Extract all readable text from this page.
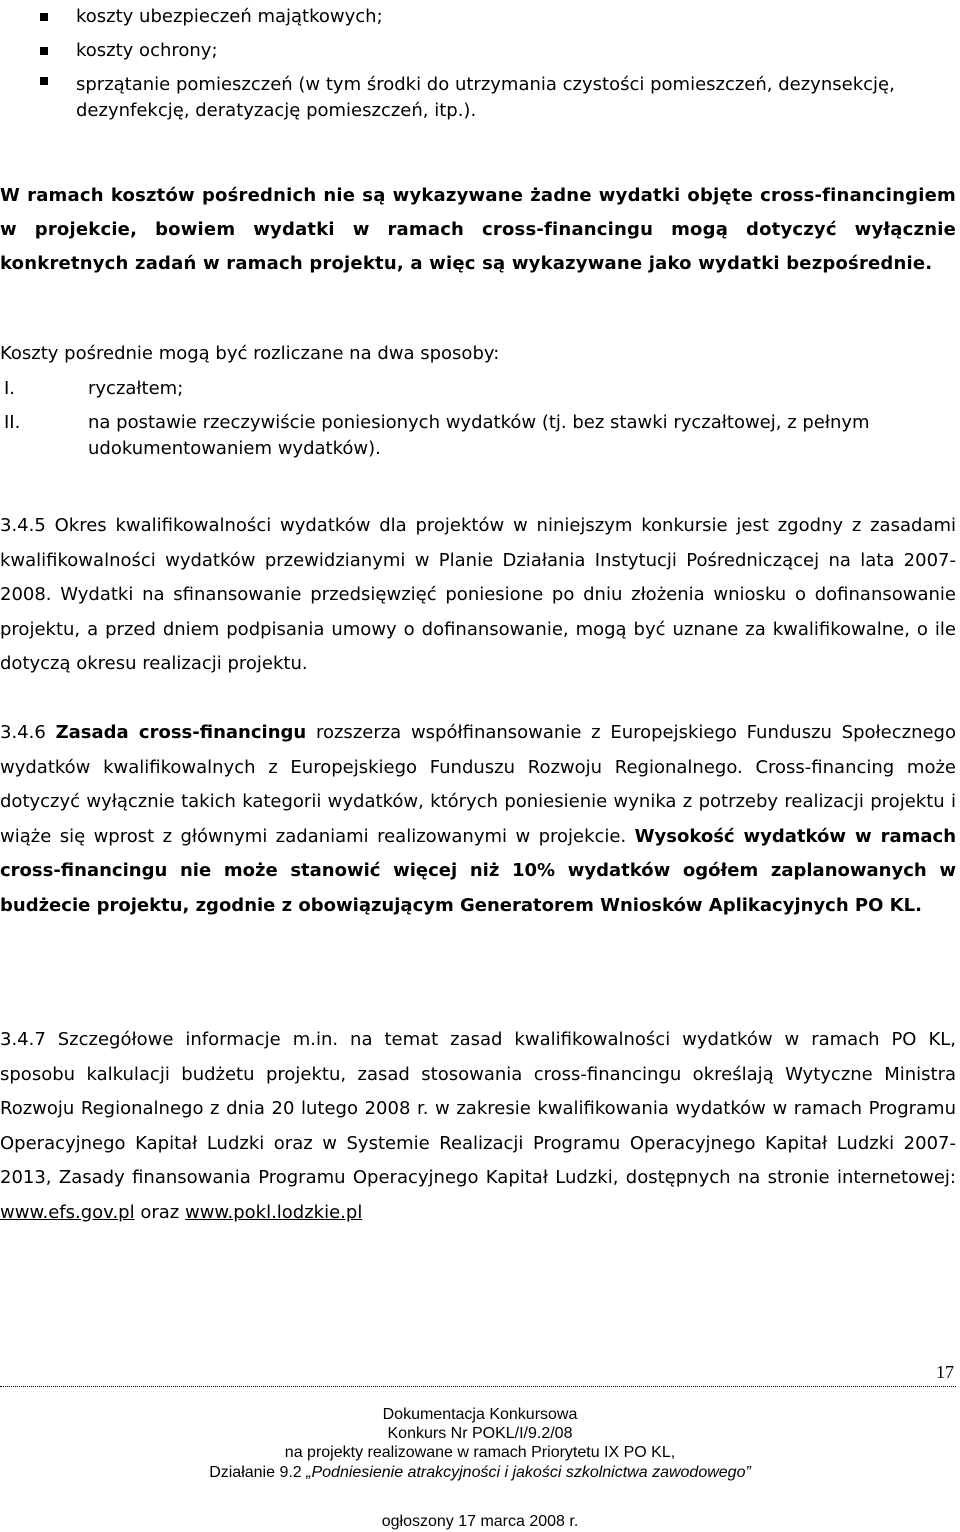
koszty ubezpieczeń majątkowych;
koszty ochrony;
sprzątanie pomieszczeń (w tym środki do utrzymania czystości pomieszczeń, dezynsekcję, dezynfekcję, deratyzację pomieszczeń, itp.).
W ramach kosztów pośrednich nie są wykazywane żadne wydatki objęte cross-financingiem w projekcie, bowiem wydatki w ramach cross-financingu mogą dotyczyć wyłącznie konkretnych zadań w ramach projektu, a więc są wykazywane jako wydatki bezpośrednie.
Koszty pośrednie mogą być rozliczane na dwa sposoby:
I.	ryczałtem;
II.	na postawie rzeczywiście poniesionych wydatków (tj. bez stawki ryczałtowej, z pełnym udokumentowaniem wydatków).
3.4.5 Okres kwalifikowalności wydatków dla projektów w niniejszym konkursie jest zgodny z zasadami kwalifikowalności wydatków przewidzianymi w Planie Działania Instytucji Pośredniczącej na lata 2007-2008. Wydatki na sfinansowanie przedsięwzięć poniesione po dniu złożenia wniosku o dofinansowanie projektu, a przed dniem podpisania umowy o dofinansowanie, mogą być uznane za kwalifikowalne, o ile dotyczą okresu realizacji projektu.
3.4.6 Zasada cross-financingu rozszerza współfinansowanie z Europejskiego Funduszu Społecznego wydatków kwalifikowalnych z Europejskiego Funduszu Rozwoju Regionalnego. Cross-financing może dotyczyć wyłącznie takich kategorii wydatków, których poniesienie wynika z potrzeby realizacji projektu i wiąże się wprost z głównymi zadaniami realizowanymi w projekcie. Wysokość wydatków w ramach cross-financingu nie może stanowić więcej niż 10% wydatków ogółem zaplanowanych w budżecie projektu, zgodnie z obowiązującym Generatorem Wniosków Aplikacyjnych PO KL.
3.4.7 Szczegółowe informacje m.in. na temat zasad kwalifikowalności wydatków w ramach PO KL, sposobu kalkulacji budżetu projektu, zasad stosowania cross-financingu określają Wytyczne Ministra Rozwoju Regionalnego z dnia 20 lutego 2008 r. w zakresie kwalifikowania wydatków w ramach Programu Operacyjnego Kapitał Ludzki oraz w Systemie Realizacji Programu Operacyjnego Kapitał Ludzki 2007-2013, Zasady finansowania Programu Operacyjnego Kapitał Ludzki, dostępnych na stronie internetowej: www.efs.gov.pl oraz www.pokl.lodzkie.pl
17
Dokumentacja Konkursowa
Konkurs Nr POKL/I/9.2/08
na projekty realizowane w ramach Priorytetu IX PO KL,
Działanie 9.2 „Podniesienie atrakcyjności i jakości szkolnictwa zawodowego”
ogłoszony 17 marca 2008 r.
